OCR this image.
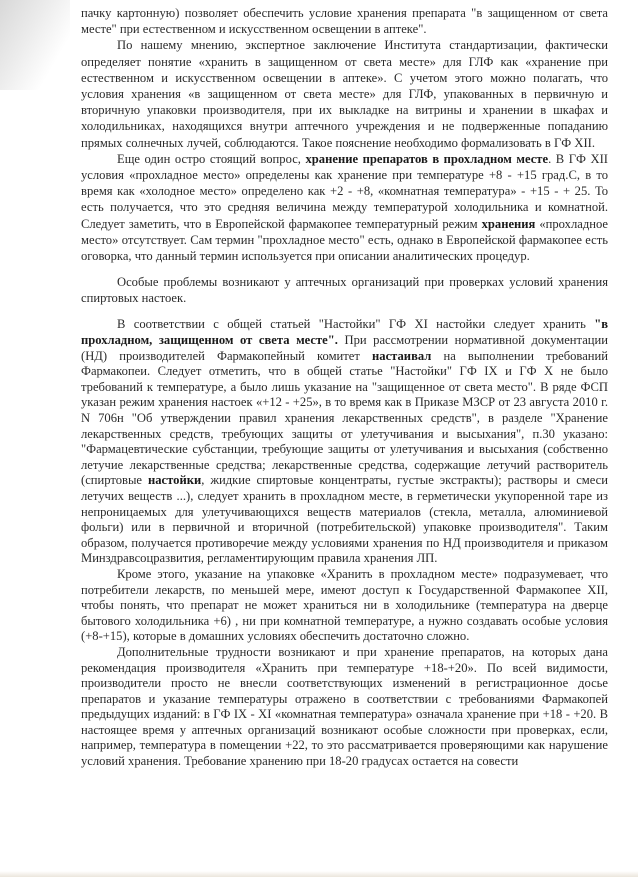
пачку картонную) позволяет обеспечить условие хранения препарата "в защищенном от света месте" при естественном и искусственном освещении в аптеке".

По нашему мнению, экспертное заключение Института стандартизации, фактически определяет понятие «хранить в защищенном от света месте» для ГЛФ как «хранение при естественном и искусственном освещении в аптеке». С учетом этого можно полагать, что условия хранения «в защищенном от света месте» для ГЛФ, упакованных в первичную и вторичную упаковки производителя, при их выкладке на витрины и хранении в шкафах и холодильниках, находящихся внутри аптечного учреждения и не подверженные попаданию прямых солнечных лучей, соблюдаются. Такое пояснение необходимо формализовать в ГФ XII.

Еще один остро стоящий вопрос, хранение препаратов в прохладном месте. В ГФ XII условия «прохладное место» определены как хранение при температуре +8 - +15 град.С, в то время как «холодное место» определено как +2 - +8, «комнатная температура» - +15 - + 25. То есть получается, что это средняя величина между температурой холодильника и комнатной. Следует заметить, что в Европейской фармакопее температурный режим хранения «прохладное место» отсутствует. Сам термин "прохладное место" есть, однако в Европейской фармакопее есть оговорка, что данный термин используется при описании аналитических процедур.

Особые проблемы возникают у аптечных организаций при проверках условий хранения спиртовых настоек.

В соответствии с общей статьей "Настойки" ГФ XI настойки следует хранить "в прохладном, защищенном от света месте". При рассмотрении нормативной документации (НД) производителей Фармакопейный комитет настаивал на выполнении требований Фармакопеи. Следует отметить, что в общей статье "Настойки" ГФ IX и ГФ X не было требований к температуре, а было лишь указание на "защищенное от света место". В ряде ФСП указан режим хранения настоек «+12 - +25», в то время как в Приказе МЗСР от 23 августа 2010 г. N 706н "Об утверждении правил хранения лекарственных средств", в разделе "Хранение лекарственных средств, требующих защиты от улетучивания и высыхания", п.30 указано: "Фармацевтические субстанции, требующие защиты от улетучивания и высыхания (собственно летучие лекарственные средства; лекарственные средства, содержащие летучий растворитель (спиртовые настойки, жидкие спиртовые концентраты, густые экстракты); растворы и смеси летучих веществ ...), следует хранить в прохладном месте, в герметически укупоренной таре из непроницаемых для улетучивающихся веществ материалов (стекла, металла, алюминиевой фольги) или в первичной и вторичной (потребительской) упаковке производителя". Таким образом, получается противоречие между условиями хранения по НД производителя и приказом Минздравсоцразвития, регламентирующим правила хранения ЛП.

Кроме этого, указание на упаковке «Хранить в прохладном месте» подразумевает, что потребители лекарств, по меньшей мере, имеют доступ к Государственной Фармакопее XII, чтобы понять, что препарат не может храниться ни в холодильнике (температура на дверце бытового холодильника +6) , ни при комнатной температуре, а нужно создавать особые условия (+8-+15), которые в домашних условиях обеспечить достаточно сложно.

Дополнительные трудности возникают и при хранение препаратов, на которых дана рекомендация производителя «Хранить при температуре +18-+20». По всей видимости, производители просто не внесли соответствующих изменений в регистрационное досье препаратов и указание температуры отражено в соответствии с требованиями Фармакопей предыдущих изданий: в ГФ IX - XI «комнатная температура» означала хранение при +18 - +20. В настоящее время у аптечных организаций возникают особые сложности при проверках, если, например, температура в помещении +22, то это рассматривается проверяющими как нарушение условий хранения. Требование хранению при 18-20 градусах остается на совести
